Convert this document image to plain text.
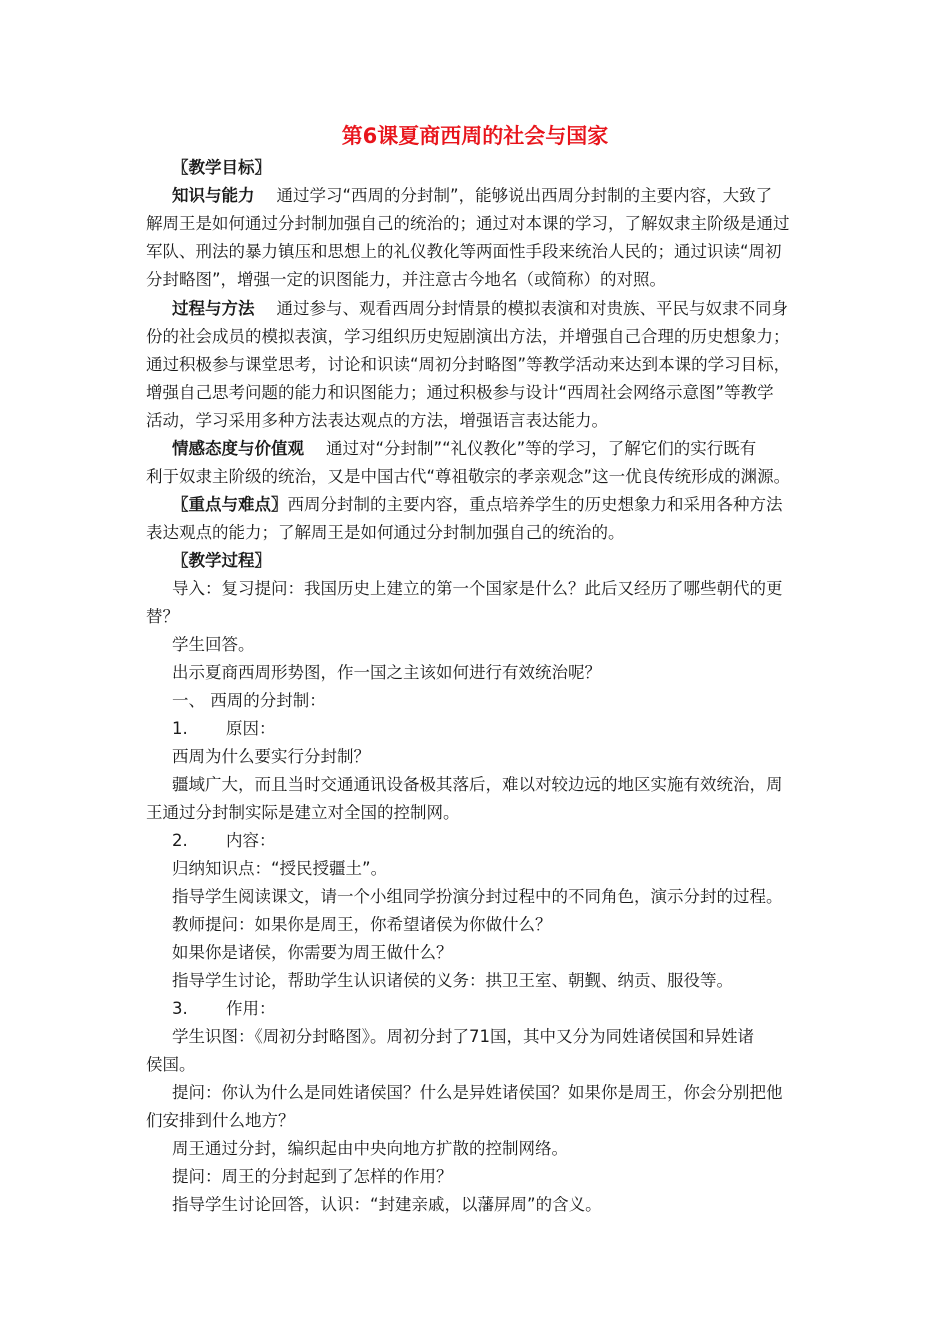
第6课夏商西周的社会与国家
〖教学目标〗
知识与能力 通过学习“西周的分封制”，能够说出西周分封制的主要内容，大致了
解周王是如何通过分封制加强自己的统治的；通过对本课的学习，了解奴隶主阶级是通过
军队、刑法的暴力镇压和思想上的礼仪教化等两面性手段来统治人民的；通过识读“周初
分封略图”，增强一定的识图能力，并注意古今地名（或简称）的对照。
过程与方法 通过参与、观看西周分封情景的模拟表演和对贵族、平民与奴隶不同身
份的社会成员的模拟表演，学习组织历史短剧演出方法，并增强自己合理的历史想象力；
通过积极参与课堂思考，讨论和识读“周初分封略图”等教学活动来达到本课的学习目标，
增强自己思考问题的能力和识图能力；通过积极参与设计“西周社会网络示意图”等教学
活动，学习采用多种方法表达观点的方法，增强语言表达能力。
情感态度与价值观 通过对“分封制”“礼仪教化”等的学习，了解它们的实行既有
利于奴隶主阶级的统治，又是中国古代“尊祖敬宗的孝亲观念”这一优良传统形成的渊源。
〖重点与难点〗西周分封制的主要内容，重点培养学生的历史想象力和采用各种方法
表达观点的能力；了解周王是如何通过分封制加强自己的统治的。
〖教学过程〗
导入：复习提问：我国历史上建立的第一个国家是什么？此后又经历了哪些朝代的更
替？
学生回答。
出示夏商西周形势图，作一国之主该如何进行有效统治呢？
一、 西周的分封制：
1. 原因：
西周为什么要实行分封制？
疆域广大，而且当时交通通讯设备极其落后，难以对较边远的地区实施有效统治，周
王通过分封制实际是建立对全国的控制网。
2. 内容：
归纳知识点：“授民授疆土”。
指导学生阅读课文，请一个小组同学扮演分封过程中的不同角色，演示分封的过程。
教师提问：如果你是周王，你希望诸侯为你做什么？
如果你是诸侯，你需要为周王做什么？
指导学生讨论，帮助学生认识诸侯的义务：拱卫王室、朝觐、纳贡、服役等。
3. 作用：
学生识图：《周初分封略图》。周初分封了71国，其中又分为同姓诸侯国和异姓诸
侯国。
提问：你认为什么是同姓诸侯国？什么是异姓诸侯国？如果你是周王，你会分别把他
们安排到什么地方？
周王通过分封，编织起由中央向地方扩散的控制网络。
提问：周王的分封起到了怎样的作用？
指导学生讨论回答，认识：“封建亲戚，以藩屏周”的含义。
